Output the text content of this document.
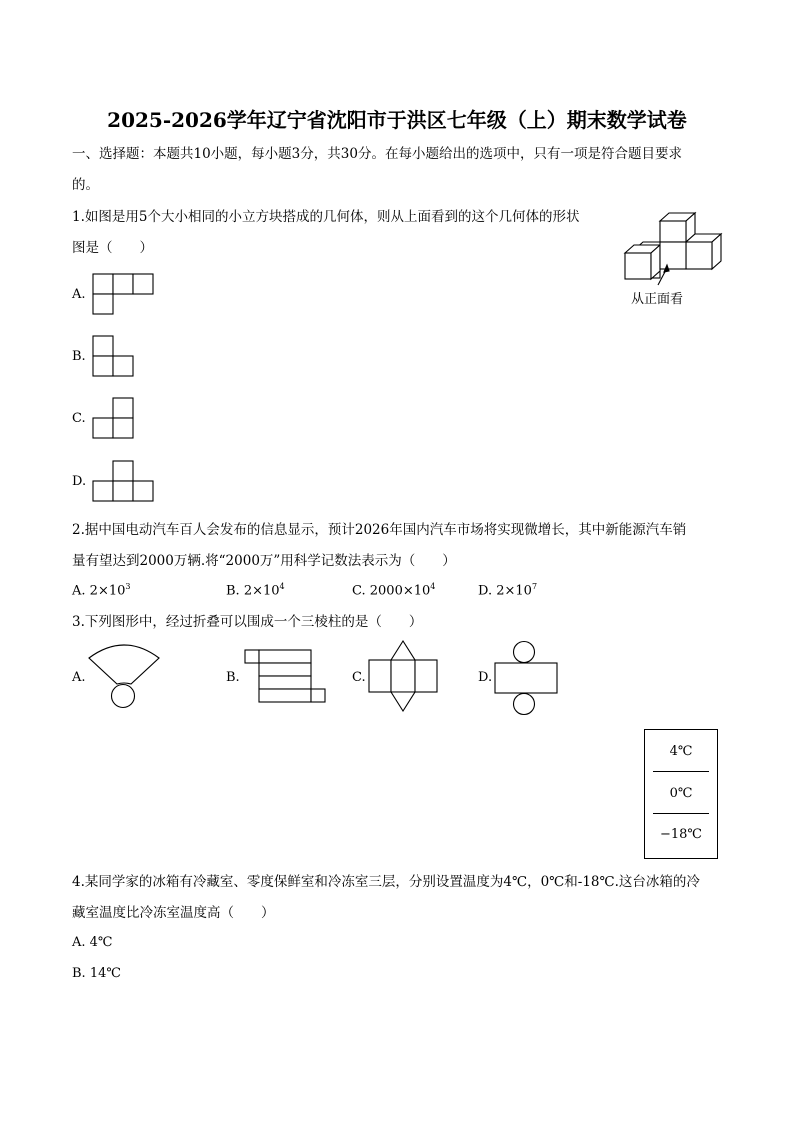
2025-2026学年辽宁省沈阳市于洪区七年级（上）期末数学试卷
一、选择题：本题共10小题，每小题3分，共30分。在每小题给出的选项中，只有一项是符合题目要求
的。
1.如图是用5个大小相同的小立方块搭成的几何体，则从上面看到的这个几何体的形状
图是（　　）
从正面看
A.
B.
C.
D.
2.据中国电动汽车百人会发布的信息显示，预计2026年国内汽车市场将实现微增长，其中新能源汽车销
量有望达到2000万辆.将“2000万”用科学记数法表示为（　　）
A. $2\times 10^3$	B. $2\times 10^4$	C. $2000\times 10^4$	D. $2\times 10^7$
3.下列图形中，经过折叠可以围成一个三棱柱的是（　　）
A.	B.	C.	D.
4℃
0℃
−18℃
4.某同学家的冰箱有冷藏室、零度保鲜室和冷冻室三层，分别设置温度为4℃，0℃和-18℃.这台冰箱的冷
藏室温度比冷冻室温度高（　　）
A. 4℃
B. 14℃
